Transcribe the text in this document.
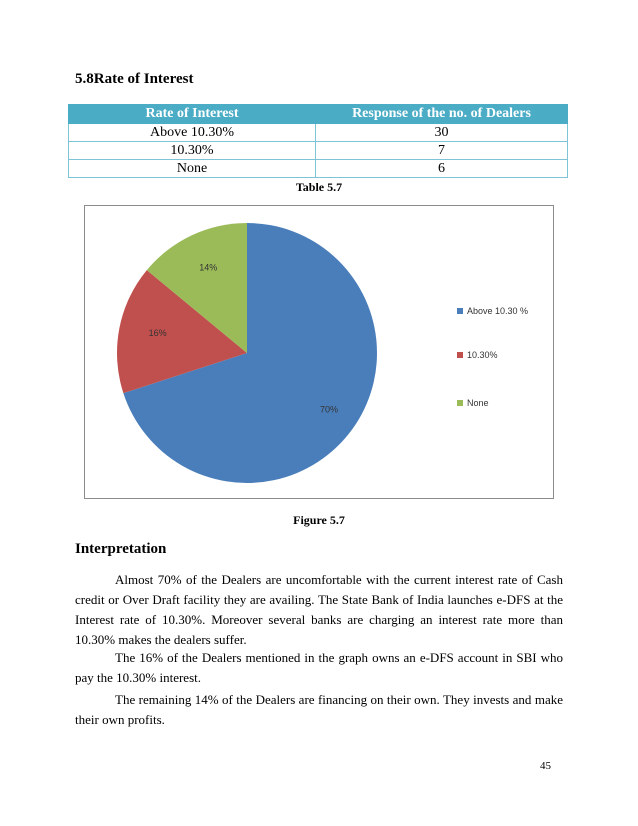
5.8Rate of Interest
Rate of Interest	Response of the no. of Dealers

Above 10.30%	30

10.30%	7

None	6
Table 5.7
70%
16%
14%
Above 10.30 %
10.30%
None
Figure 5.7
Interpretation

Almost 70% of the Dealers are uncomfortable with the current interest rate of Cash credit or Over Draft facility they are availing. The State Bank of India launches e-DFS at the Interest rate of 10.30%. Moreover several banks are charging an interest rate more than 10.30% makes the dealers suffer.

The 16% of the Dealers mentioned in the graph owns an e-DFS account in SBI who pay the 10.30% interest.

The remaining 14% of the Dealers are financing on their own. They invests and make their own profits.

45
